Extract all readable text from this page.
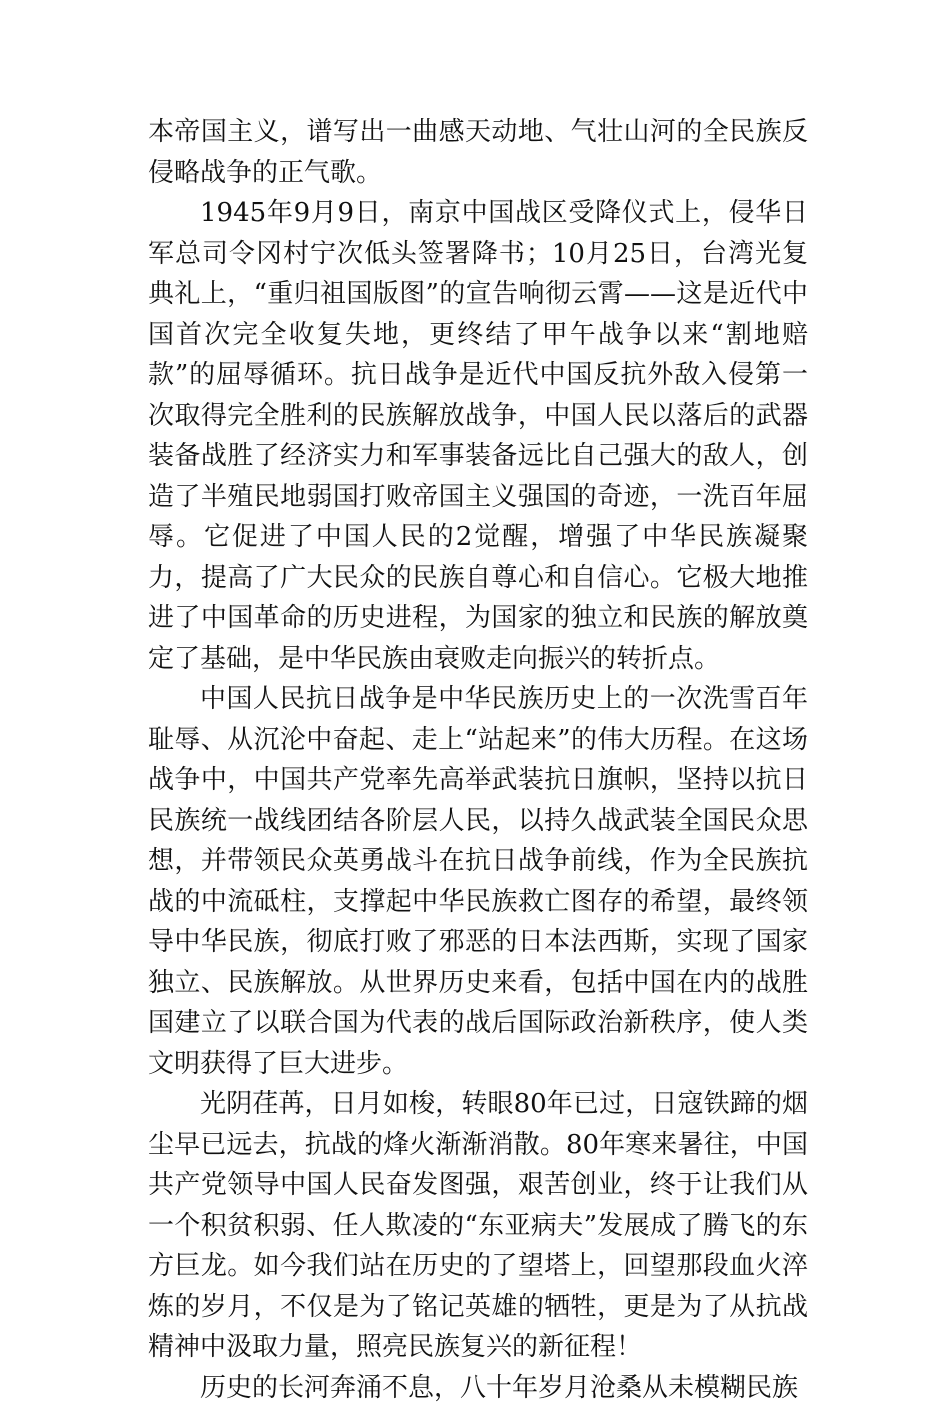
本帝国主义，谱写出一曲感天动地、气壮山河的全民族反侵略战争的正气歌。

1945年9月9日，南京中国战区受降仪式上，侵华日军总司令冈村宁次低头签署降书；10月25日，台湾光复典礼上，“重归祖国版图”的宣告响彻云霄——这是近代中国首次完全收复失地，更终结了甲午战争以来“割地赔款”的屈辱循环。抗日战争是近代中国反抗外敌入侵第一次取得完全胜利的民族解放战争，中国人民以落后的武器装备战胜了经济实力和军事装备远比自己强大的敌人，创造了半殖民地弱国打败帝国主义强国的奇迹，一洗百年屈辱。它促进了中国人民的2觉醒，增强了中华民族凝聚力，提高了广大民众的民族自尊心和自信心。它极大地推进了中国革命的历史进程，为国家的独立和民族的解放奠定了基础，是中华民族由衰败走向振兴的转折点。

中国人民抗日战争是中华民族历史上的一次洗雪百年耻辱、从沉沦中奋起、走上“站起来”的伟大历程。在这场战争中，中国共产党率先高举武装抗日旗帜，坚持以抗日民族统一战线团结各阶层人民，以持久战武装全国民众思想，并带领民众英勇战斗在抗日战争前线，作为全民族抗战的中流砥柱，支撑起中华民族救亡图存的希望，最终领导中华民族，彻底打败了邪恶的日本法西斯，实现了国家独立、民族解放。从世界历史来看，包括中国在内的战胜国建立了以联合国为代表的战后国际政治新秩序，使人类文明获得了巨大进步。

光阴荏苒，日月如梭，转眼80年已过，日寇铁蹄的烟尘早已远去，抗战的烽火渐渐消散。80年寒来暑往，中国共产党领导中国人民奋发图强，艰苦创业，终于让我们从一个积贫积弱、任人欺凌的“东亚病夫”发展成了腾飞的东方巨龙。如今我们站在历史的了望塔上，回望那段血火淬炼的岁月，不仅是为了铭记英雄的牺牲，更是为了从抗战精神中汲取力量，照亮民族复兴的新征程！

历史的长河奔涌不息，八十年岁月沧桑从未模糊民族
